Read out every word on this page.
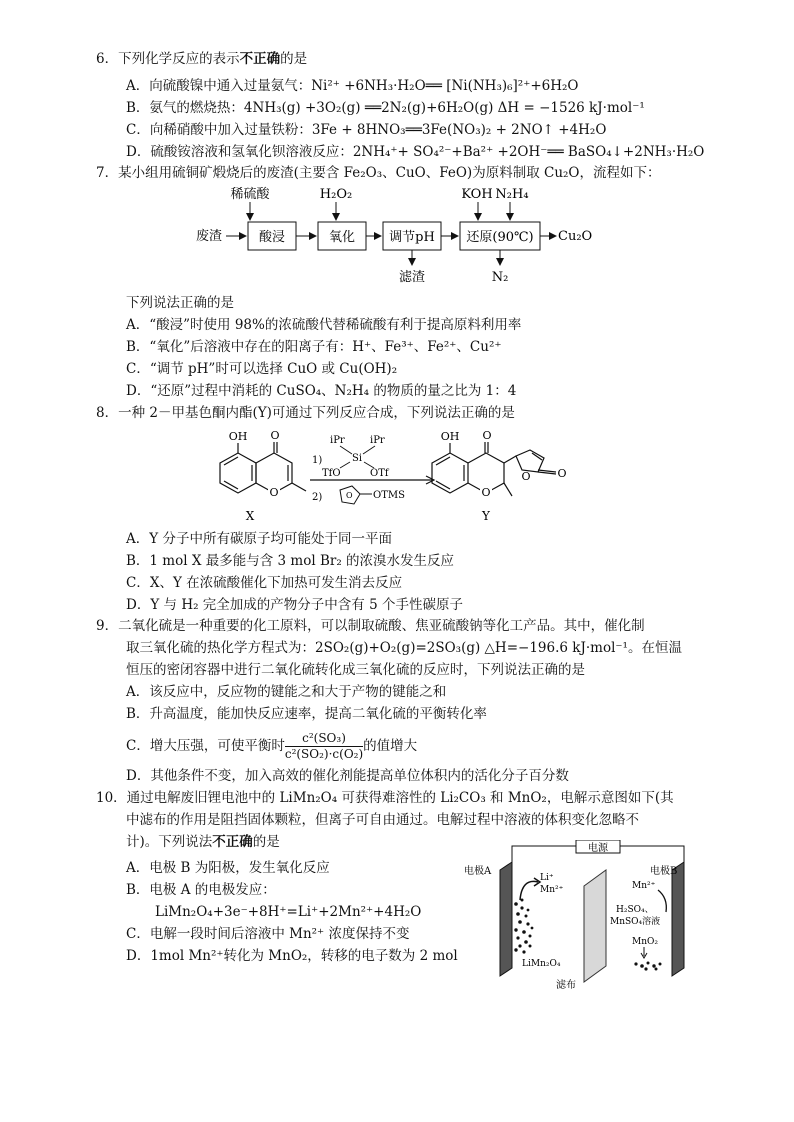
6．下列化学反应的表示不正确的是
A．向硫酸镍中通入过量氨气：Ni²⁺ +6NH₃·H₂O══ [Ni(NH₃)₆]²⁺+6H₂O
B．氨气的燃烧热：4NH₃(g) +3O₂(g) ══2N₂(g)+6H₂O(g) ΔH = −1526 kJ·mol⁻¹
C．向稀硝酸中加入过量铁粉：3Fe + 8HNO₃══3Fe(NO₃)₂ + 2NO↑ +4H₂O
D．硫酸铵溶液和氢氧化钡溶液反应：2NH₄⁺+ SO₄²⁻+Ba²⁺ +2OH⁻══ BaSO₄↓+2NH₃·H₂O
7．某小组用硫铜矿煅烧后的废渣(主要含 Fe₂O₃、CuO、FeO)为原料制取 Cu₂O，流程如下：
稀硫酸	H₂O₂	KOH N₂H₄
废渣	酸浸	氧化	调节pH 还原(90℃) Cu₂O
滤渣	N₂
下列说法正确的是
A．“酸浸”时使用 98%的浓硫酸代替稀硫酸有利于提高原料利用率
B．“氧化”后溶液中存在的阳离子有：H⁺、Fe³⁺、Fe²⁺、Cu²⁺
C．“调节 pH”时可以选择 CuO 或 Cu(OH)₂
D．“还原”过程中消耗的 CuSO₄、N₂H₄ 的物质的量之比为 1：4
8．一种 2－甲基色酮内酯(Y)可通过下列反应合成，下列说法正确的是
O
OH O
X
iPr	iPr
Si
1)
TfO	OTf
2)	O OTMS	O
OH O
O O
Y
A．Y 分子中所有碳原子均可能处于同一平面
B．1 mol X 最多能与含 3 mol Br₂ 的浓溴水发生反应
C．X、Y 在浓硫酸催化下加热可发生消去反应
D．Y 与 H₂ 完全加成的产物分子中含有 5 个手性碳原子
9．二氧化硫是一种重要的化工原料，可以制取硫酸、焦亚硫酸钠等化工产品。其中，催化制
取三氧化硫的热化学方程式为：2SO₂(g)+O₂(g)=2SO₃(g) △H=−196.6 kJ·mol⁻¹。在恒温
恒压的密闭容器中进行二氧化硫转化成三氧化硫的反应时，下列说法正确的是
A．该反应中，反应物的键能之和大于产物的键能之和
B．升高温度，能加快反应速率，提高二氧化硫的平衡转化率
C．增大压强，可使平衡时 $\frac{\text{c²(SO₃)}}{\text{c²(SO₂)·c(O₂)}}$ 的值增大
D．其他条件不变，加入高效的催化剂能提高单位体积内的活化分子百分数
10．通过电解废旧锂电池中的 LiMn₂O₄ 可获得难溶性的 Li₂CO₃ 和 MnO₂，电解示意图如下(其
中滤布的作用是阻挡固体颗粒，但离子可自由通过。电解过程中溶液的体积变化忽略不
计)。下列说法不正确的是
A．电极 B 为阳极，发生氧化反应
B．电极 A 的电极发应：
LiMn₂O₄+3e⁻+8H⁺=Li⁺+2Mn²⁺+4H₂O
C．电解一段时间后溶液中 Mn²⁺ 浓度保持不变
D．1mol Mn²⁺转化为 MnO₂，转移的电子数为 2 mol
电源
电极A
滤布
电极B
Li⁺
Mn²⁺
LiMn₂O₄
Mn²⁺
H₂SO₄、
MnSO₄溶液
MnO₂
